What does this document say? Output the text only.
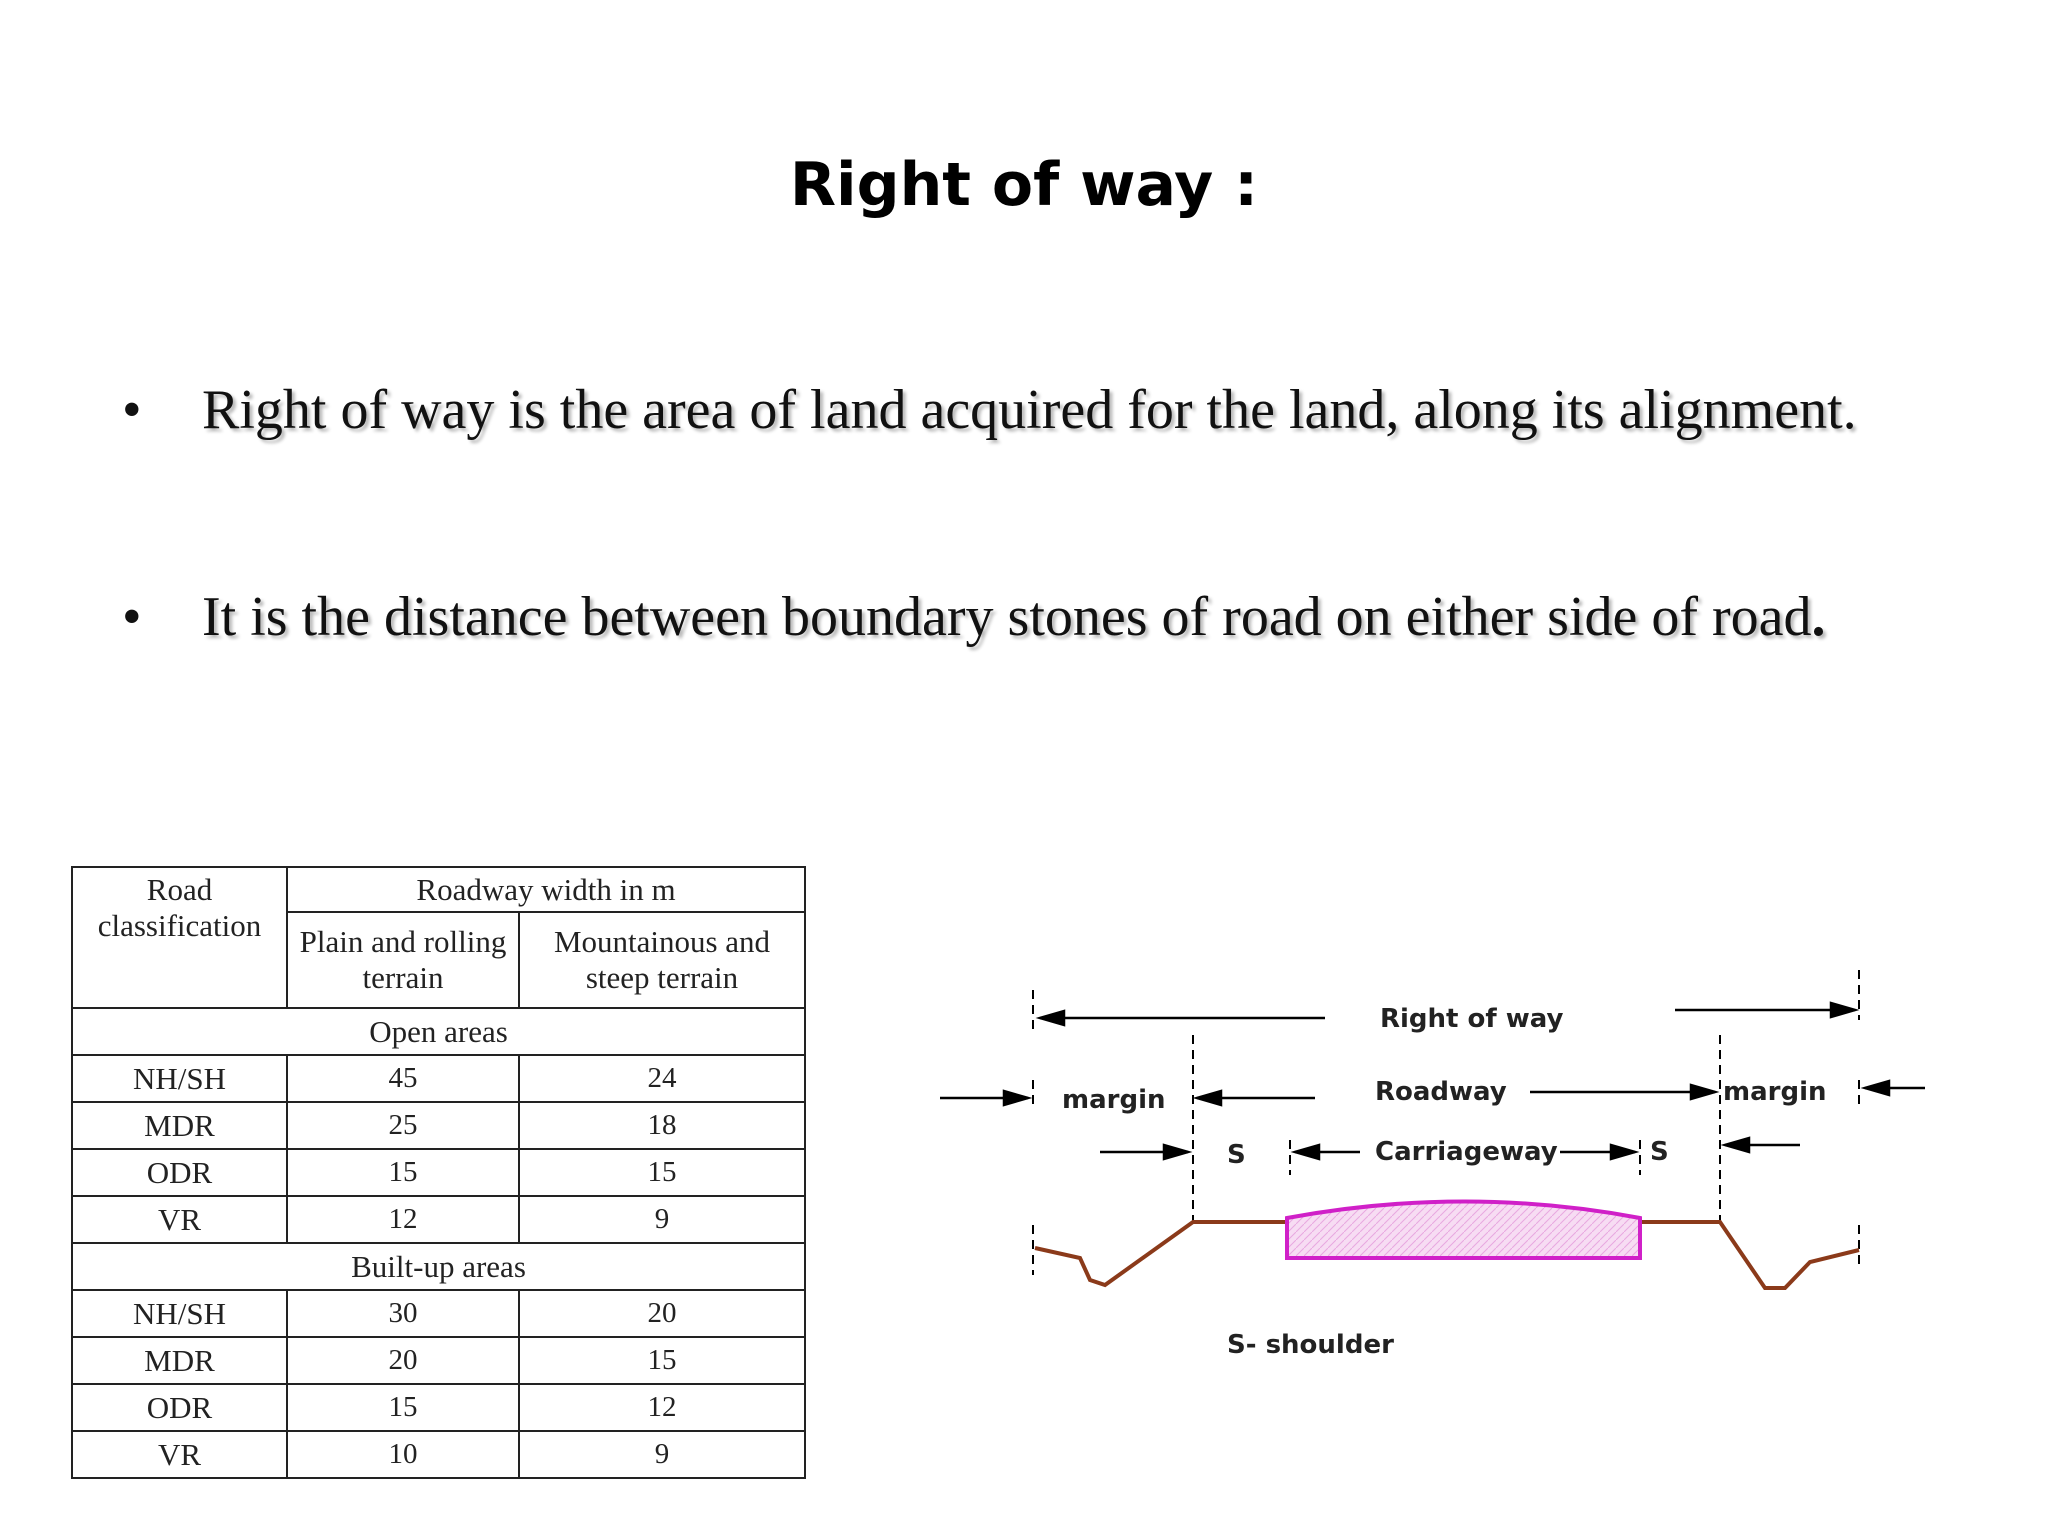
Right of way :
• Right of way is the area of land acquired for the land, along its alignment.
• It is the distance between boundary stones of road on either side of road.
Road classification	Roadway width in m	
	Plain and rolling terrain	Mountainous and steep terrain

Open areas		
NH/SH	45	24
MDR	25	18
ODR	15	15
VR	12	9
Built-up areas		
NH/SH	30	20
MDR	20	15
ODR	15	12
VR	10	9
Right of way
margin	Roadway	margin
S	Carriageway	S
S- shoulder
